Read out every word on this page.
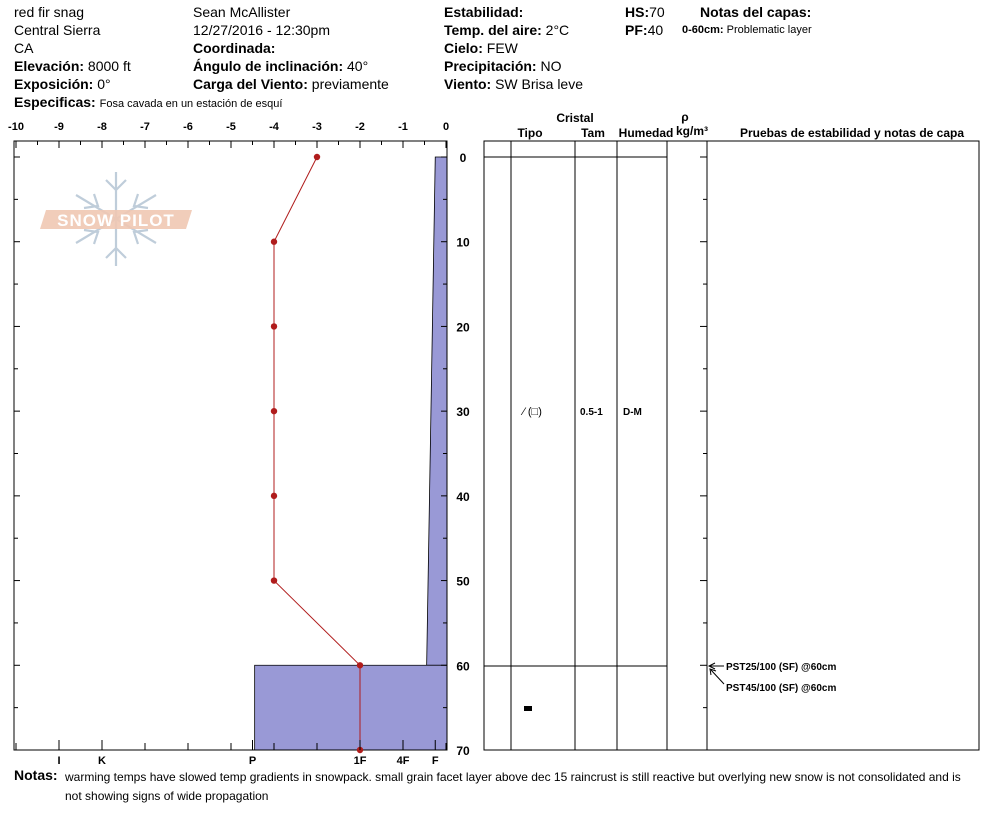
red fir snag
Central Sierra
CA
Elevación: 8000 ft
Exposición: 0°
Especificas: Fosa cavada en un estación de esquí
Sean McAllister
12/27/2016 - 12:30pm
Coordinada:
Ángulo de inclinación: 40°
Carga del Viento: previamente
Estabilidad:
Temp. del aire: 2°C
Cielo: FEW
Precipitación: NO
Viento: SW Brisa leve
HS:70
PF:40
Notas del capas:
0-60cm: Problematic layer
SNOW PILOT
-10	-9	-8	-7	-6	-5	-4	-3	-2	-1	0
0
10
20
30
40
50
60
70
I	K	P	1F	4F F
Cristal
Tipo	Tam Humedad
ρ
kg/m³	Pruebas de estabilidad y notas de capa
⁄ (□)	0.5-1 D-M
PST25/100 (SF) @60cm
PST45/100 (SF) @60cm
Notas: warming temps have slowed temp gradients in snowpack. small grain facet layer above dec 15 raincrust is still reactive but overlying new snow is not consolidated and is not showing signs of wide propagation
